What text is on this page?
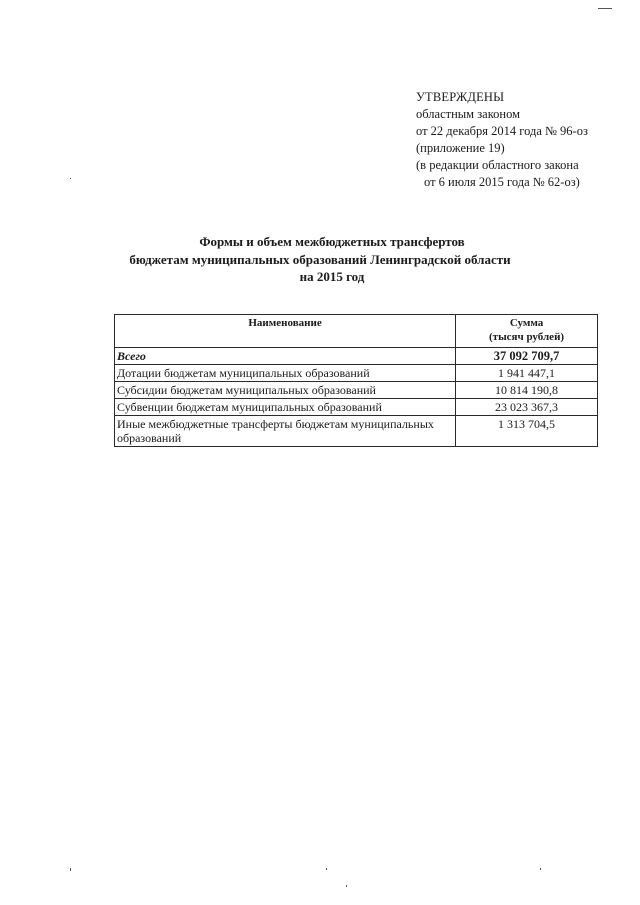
УТВЕРЖДЕНЫ
областным законом
от 22 декабря 2014 года № 96-оз
(приложение 19)
(в редакции областного закона
от 6 июля 2015 года № 62-оз)
Формы и объем межбюджетных трансфертов
бюджетам муниципальных образований Ленинградской области
на 2015 год
Наименование	Сумма
(тысяч рублей)

Всего	37 092 709,7
Дотации бюджетам муниципальных образований	1 941 447,1
Субсидии бюджетам муниципальных образований	10 814 190,8
Субвенции бюджетам муниципальных образований	23 023 367,3
Иные межбюджетные трансферты бюджетам муниципальных образований	1 313 704,5
